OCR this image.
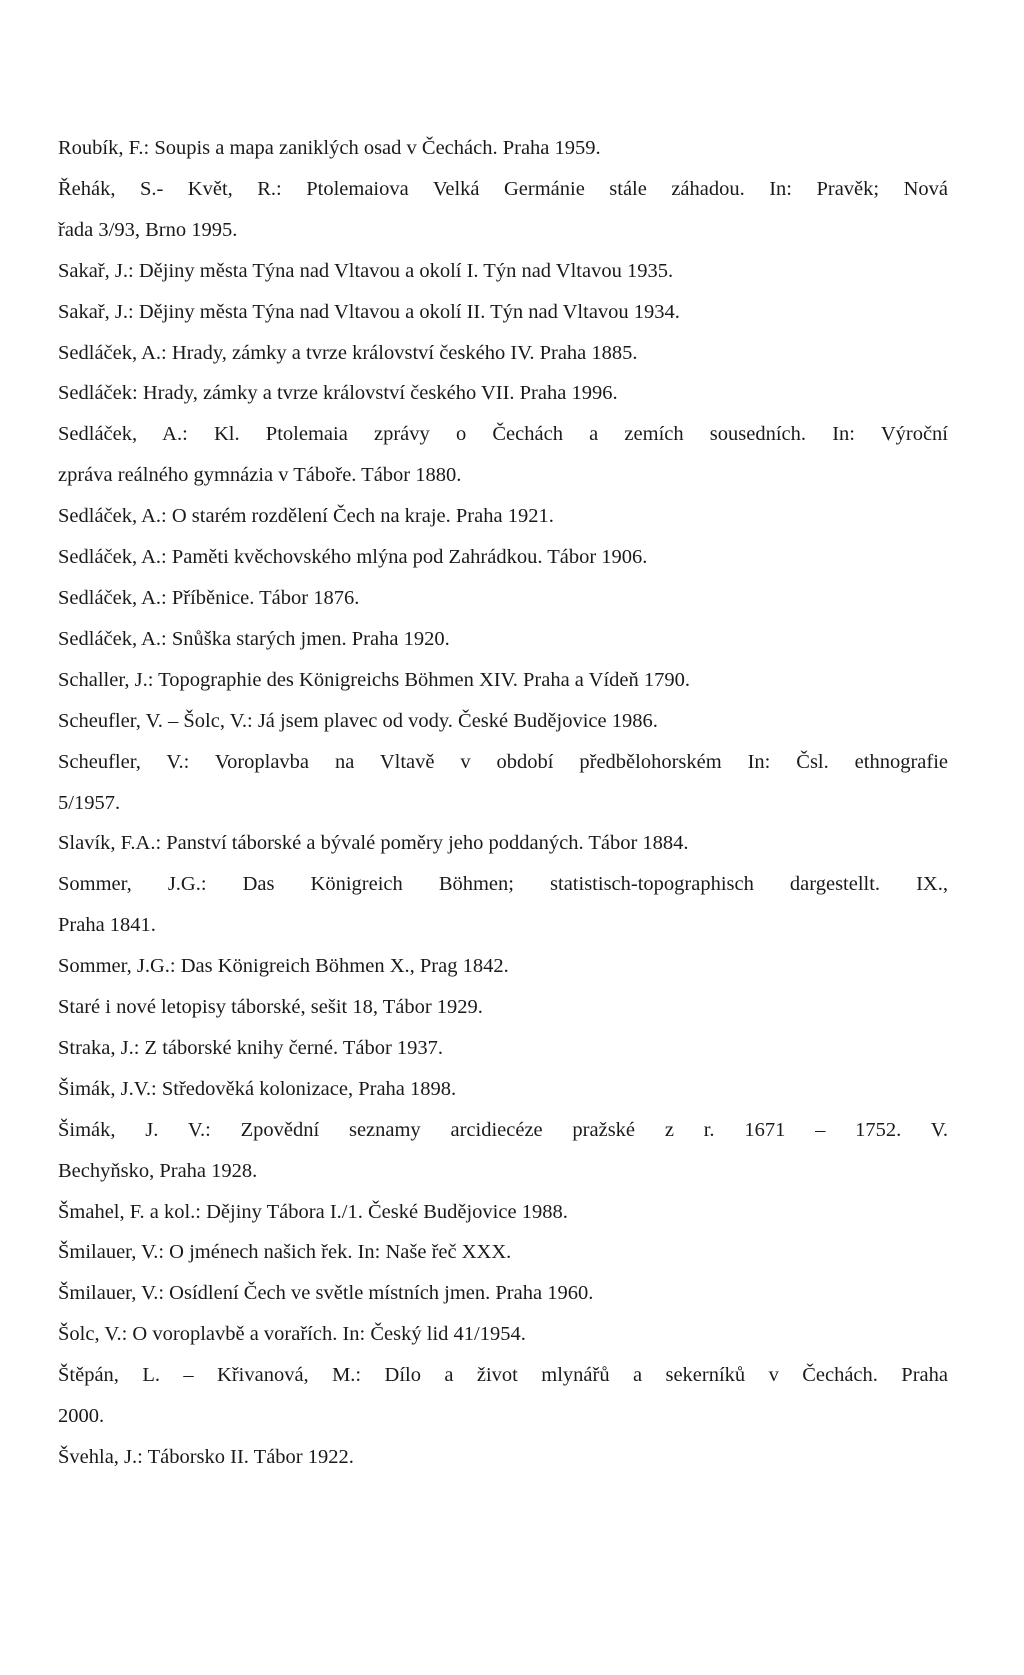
Roubík, F.: Soupis a mapa zaniklých osad v Čechách. Praha 1959.
Řehák, S.- Květ, R.: Ptolemaiova Velká Germánie stále záhadou. In: Pravěk; Nová
řada 3/93, Brno 1995.
Sakař, J.: Dějiny města Týna nad Vltavou a okolí I. Týn nad Vltavou 1935.
Sakař, J.: Dějiny města Týna nad Vltavou a okolí II. Týn nad Vltavou 1934.
Sedláček, A.: Hrady, zámky a tvrze království českého IV. Praha 1885.
Sedláček: Hrady, zámky a tvrze království českého VII. Praha 1996.
Sedláček, A.: Kl. Ptolemaia zprávy o Čechách a zemích sousedních. In: Výroční
zpráva reálného gymnázia v Táboře. Tábor 1880.
Sedláček, A.: O starém rozdělení Čech na kraje. Praha 1921.
Sedláček, A.: Paměti kvěchovského mlýna pod Zahrádkou. Tábor 1906.
Sedláček, A.: Příběnice. Tábor 1876.
Sedláček, A.: Snůška starých jmen. Praha 1920.
Schaller, J.: Topographie des Königreichs Böhmen XIV. Praha a Vídeň 1790.
Scheufler, V. – Šolc, V.: Já jsem plavec od vody. České Budějovice 1986.
Scheufler, V.: Voroplavba na Vltavě v období předbělohorském In: Čsl. ethnografie
5/1957.
Slavík, F.A.: Panství táborské a bývalé poměry jeho poddaných. Tábor 1884.
Sommer, J.G.: Das Königreich Böhmen; statistisch-topographisch dargestellt. IX.,
Praha 1841.
Sommer, J.G.: Das Königreich Böhmen X., Prag 1842.
Staré i nové letopisy táborské, sešit 18, Tábor 1929.
Straka, J.: Z táborské knihy černé. Tábor 1937.
Šimák, J.V.: Středověká kolonizace, Praha 1898.
Šimák, J. V.: Zpovědní seznamy arcidiecéze pražské z r. 1671 – 1752. V.
Bechyňsko, Praha 1928.
Šmahel, F. a kol.: Dějiny Tábora I./1. České Budějovice 1988.
Šmilauer, V.: O jménech našich řek. In: Naše řeč XXX.
Šmilauer, V.: Osídlení Čech ve světle místních jmen. Praha 1960.
Šolc, V.: O voroplavbě a vorařích. In: Český lid 41/1954.
Štěpán, L. – Křivanová, M.: Dílo a život mlynářů a sekerníků v Čechách. Praha
2000.
Švehla, J.: Táborsko II. Tábor 1922.
